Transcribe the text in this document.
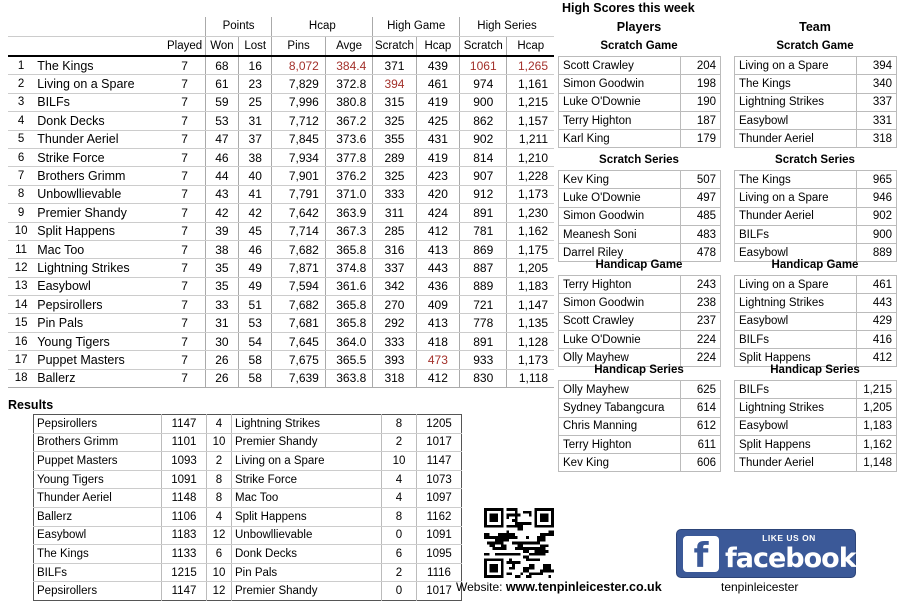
			Points		Hcap		High Game		High Series	
		Played	Won	Lost	Pins	Avge	Scratch	Hcap	Scratch	Hcap
1	The Kings	7	68	16	8,072	384.4	371	439	1061	1,265
2	Living on a Spare	7	61	23	7,829	372.8	394	461	974	1,161
3	BILFs	7	59	25	7,996	380.8	315	419	900	1,215
4	Donk Decks	7	53	31	7,712	367.2	325	425	862	1,157
5	Thunder Aeriel	7	47	37	7,845	373.6	355	431	902	1,211
6	Strike Force	7	46	38	7,934	377.8	289	419	814	1,210
7	Brothers Grimm	7	44	40	7,901	376.2	325	423	907	1,228
8	Unbowllievable	7	43	41	7,791	371.0	333	420	912	1,173
9	Premier Shandy	7	42	42	7,642	363.9	311	424	891	1,230
10	Split Happens	7	39	45	7,714	367.3	285	412	781	1,162
11	Mac Too	7	38	46	7,682	365.8	316	413	869	1,175
12	Lightning Strikes	7	35	49	7,871	374.8	337	443	887	1,205
13	Easybowl	7	35	49	7,594	361.6	342	436	889	1,183
14	Pepsirollers	7	33	51	7,682	365.8	270	409	721	1,147
15	Pin Pals	7	31	53	7,681	365.8	292	413	778	1,135
16	Young Tigers	7	30	54	7,645	364.0	333	418	891	1,128
17	Puppet Masters	7	26	58	7,675	365.5	393	473	933	1,173
18	Ballerz	7	26	58	7,639	363.8	318	412	830	1,118
High Scores this week
Players	Team
Scratch Game
Scott Crawley	204
Simon Goodwin	198
Luke O'Downie	190
Terry Highton	187
Karl King	179
Scratch Series
Kev King	507
Luke O'Downie	497
Simon Goodwin	485
Meanesh Soni	483
Darrel Riley	478
Handicap Game
Terry Highton	243
Simon Goodwin	238
Scott Crawley	237
Luke O'Downie	224
Olly Mayhew	224
Handicap Series
Olly Mayhew	625
Sydney Tabangcura	614
Chris Manning	612
Terry Highton	611
Kev King	606
Scratch Game
Living on a Spare	394
The Kings	340
Lightning Strikes	337
Easybowl	331
Thunder Aeriel	318
Scratch Series
The Kings	965
Living on a Spare	946
Thunder Aeriel	902
BILFs	900
Easybowl	889
Handicap Game
Living on a Spare	461
Lightning Strikes	443
Easybowl	429
BILFs	416
Split Happens	412
Handicap Series
BILFs	1,215
Lightning Strikes	1,205
Easybowl	1,183
Split Happens	1,162
Thunder Aeriel	1,148
Results
Pepsirollers	1147	4	Lightning Strikes	8	1205
Brothers Grimm	1101	10	Premier Shandy	2	1017
Puppet Masters	1093	2	Living on a Spare	10	1147
Young Tigers	1091	8	Strike Force	4	1073
Thunder Aeriel	1148	8	Mac Too	4	1097
Ballerz	1106	4	Split Happens	8	1162
Easybowl	1183	12	Unbowllievable	0	1091
The Kings	1133	6	Donk Decks	6	1095
BILFs	1215	10	Pin Pals	2	1116
Pepsirollers	1147	12	Premier Shandy	0	1017 Website: www.tenpinleicester.co.uk
f	LIKE US ON
facebook
tenpinleicester
